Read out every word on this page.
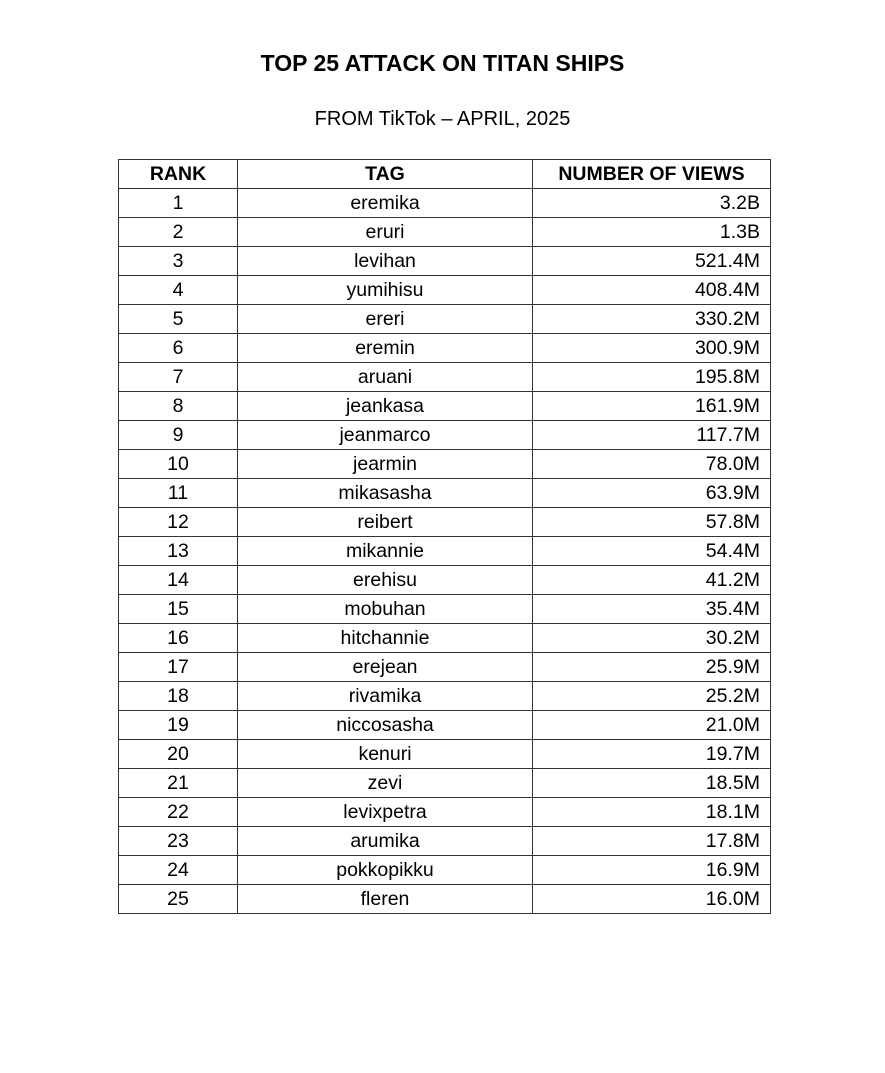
TOP 25 ATTACK ON TITAN SHIPS
FROM TikTok – APRIL, 2025
RANK	TAG	NUMBER OF VIEWS
1	eremika	3.2B
2	eruri	1.3B
3	levihan	521.4M
4	yumihisu	408.4M
5	ereri	330.2M
6	eremin	300.9M
7	aruani	195.8M
8	jeankasa	161.9M
9	jeanmarco	117.7M
10	jearmin	78.0M
11	mikasasha	63.9M
12	reibert	57.8M
13	mikannie	54.4M
14	erehisu	41.2M
15	mobuhan	35.4M
16	hitchannie	30.2M
17	erejean	25.9M
18	rivamika	25.2M
19	niccosasha	21.0M
20	kenuri	19.7M
21	zevi	18.5M
22	levixpetra	18.1M
23	arumika	17.8M
24	pokkopikku	16.9M
25	fleren	16.0M
